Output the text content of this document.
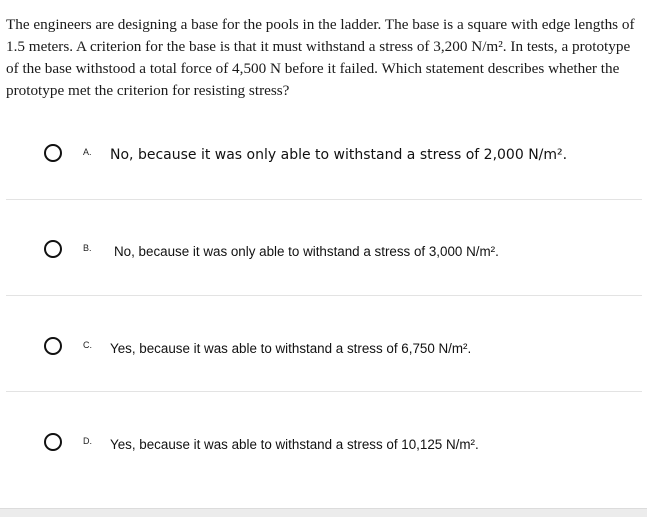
The engineers are designing a base for the pools in the ladder. The base is a square with edge lengths of 1.5 meters. A criterion for the base is that it must withstand a stress of 3,200 N/m². In tests, a prototype of the base withstood a total force of 4,500 N before it failed. Which statement describes whether the prototype met the criterion for resisting stress?

A. No, because it was only able to withstand a stress of 2,000 N/m².
B. No, because it was only able to withstand a stress of 3,000 N/m².
C. Yes, because it was able to withstand a stress of 6,750 N/m².
D. Yes, because it was able to withstand a stress of 10,125 N/m².
